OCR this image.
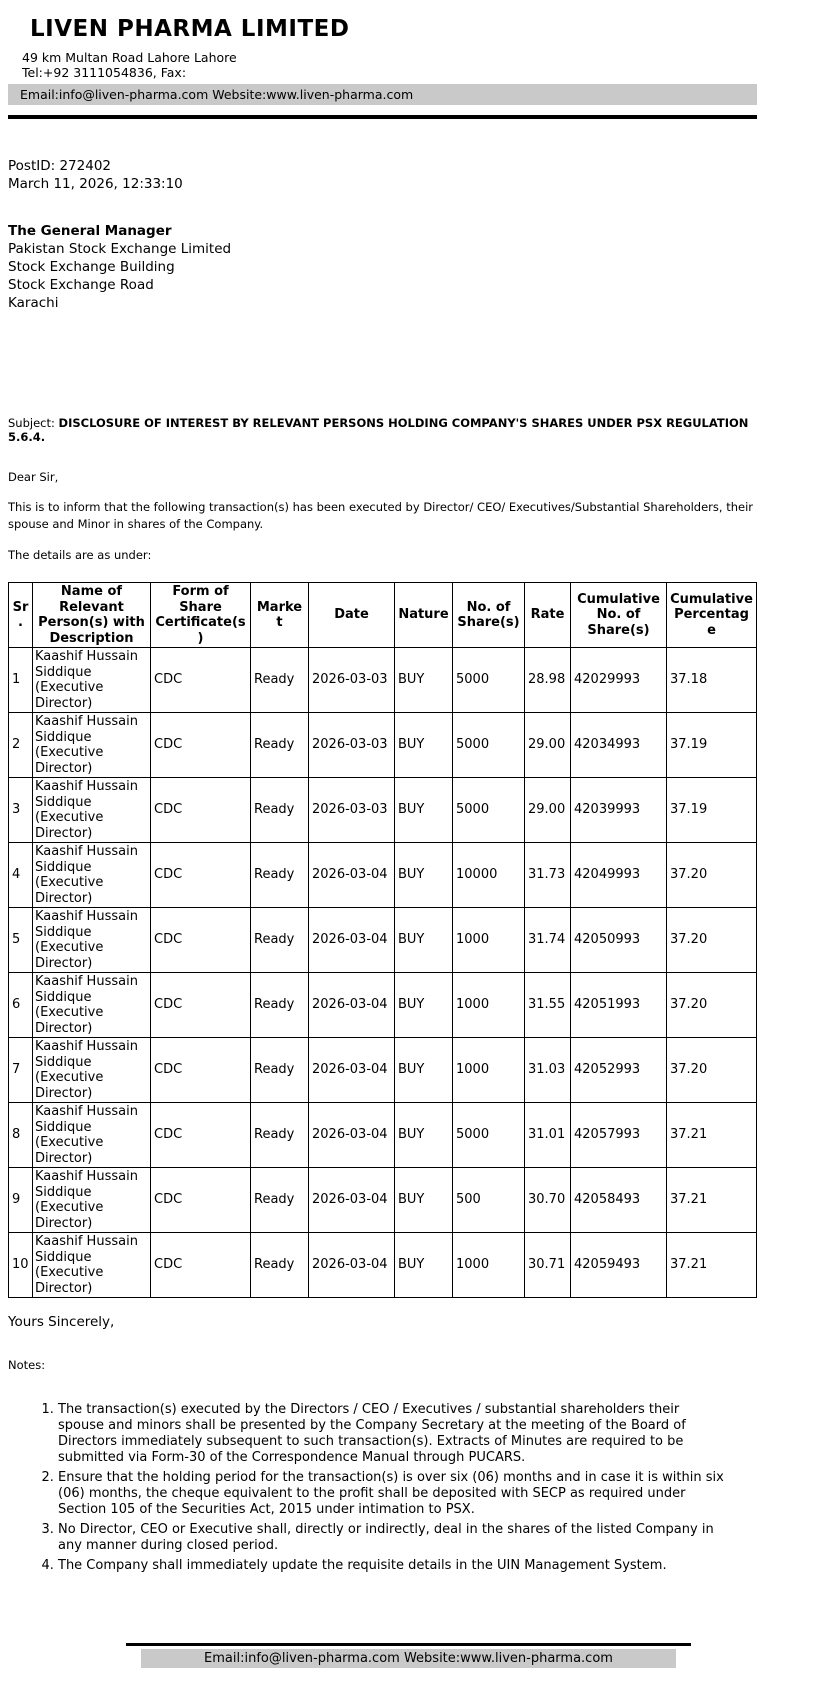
LIVEN PHARMA LIMITED
49 km Multan Road Lahore Lahore
Tel:+92 3111054836, Fax:
Email:info@liven-pharma.com Website:www.liven-pharma.com
PostID: 272402
March 11, 2026, 12:33:10
The General Manager
Pakistan Stock Exchange Limited
Stock Exchange Building
Stock Exchange Road
Karachi
Subject: DISCLOSURE OF INTEREST BY RELEVANT PERSONS HOLDING COMPANY'S SHARES UNDER PSX REGULATION 5.6.4.
Dear Sir,
This is to inform that the following transaction(s) has been executed by Director/ CEO/ Executives/Substantial Shareholders, their spouse and Minor in shares of the Company.
The details are as under:
Sr.	Name of Relevant Person(s) with Description	Form of Share Certificate(s)	Market	Date	Nature	No. of Share(s)	Rate	Cumulative No. of Share(s)	Cumulative Percentage
1	Kaashif Hussain Siddique (Executive Director)	CDC	Ready	2026-03-03	BUY	5000	28.98	42029993	37.18
2	Kaashif Hussain Siddique (Executive Director)	CDC	Ready	2026-03-03	BUY	5000	29.00	42034993	37.19
3	Kaashif Hussain Siddique (Executive Director)	CDC	Ready	2026-03-03	BUY	5000	29.00	42039993	37.19
4	Kaashif Hussain Siddique (Executive Director)	CDC	Ready	2026-03-04	BUY	10000	31.73	42049993	37.20
5	Kaashif Hussain Siddique (Executive Director)	CDC	Ready	2026-03-04	BUY	1000	31.74	42050993	37.20
6	Kaashif Hussain Siddique (Executive Director)	CDC	Ready	2026-03-04	BUY	1000	31.55	42051993	37.20
7	Kaashif Hussain Siddique (Executive Director)	CDC	Ready	2026-03-04	BUY	1000	31.03	42052993	37.20
8	Kaashif Hussain Siddique (Executive Director)	CDC	Ready	2026-03-04	BUY	5000	31.01	42057993	37.21
9	Kaashif Hussain Siddique (Executive Director)	CDC	Ready	2026-03-04	BUY	500	30.70	42058493	37.21
10	Kaashif Hussain Siddique (Executive Director)	CDC	Ready	2026-03-04	BUY	1000	30.71	42059493	37.21
Yours Sincerely,
Notes:
1. The transaction(s) executed by the Directors / CEO / Executives / substantial shareholders their spouse and minors shall be presented by the Company Secretary at the meeting of the Board of Directors immediately subsequent to such transaction(s). Extracts of Minutes are required to be submitted via Form-30 of the Correspondence Manual through PUCARS.
2. Ensure that the holding period for the transaction(s) is over six (06) months and in case it is within six (06) months, the cheque equivalent to the profit shall be deposited with SECP as required under Section 105 of the Securities Act, 2015 under intimation to PSX.
3. No Director, CEO or Executive shall, directly or indirectly, deal in the shares of the listed Company in any manner during closed period.
4. The Company shall immediately update the requisite details in the UIN Management System.
Email:info@liven-pharma.com Website:www.liven-pharma.com
